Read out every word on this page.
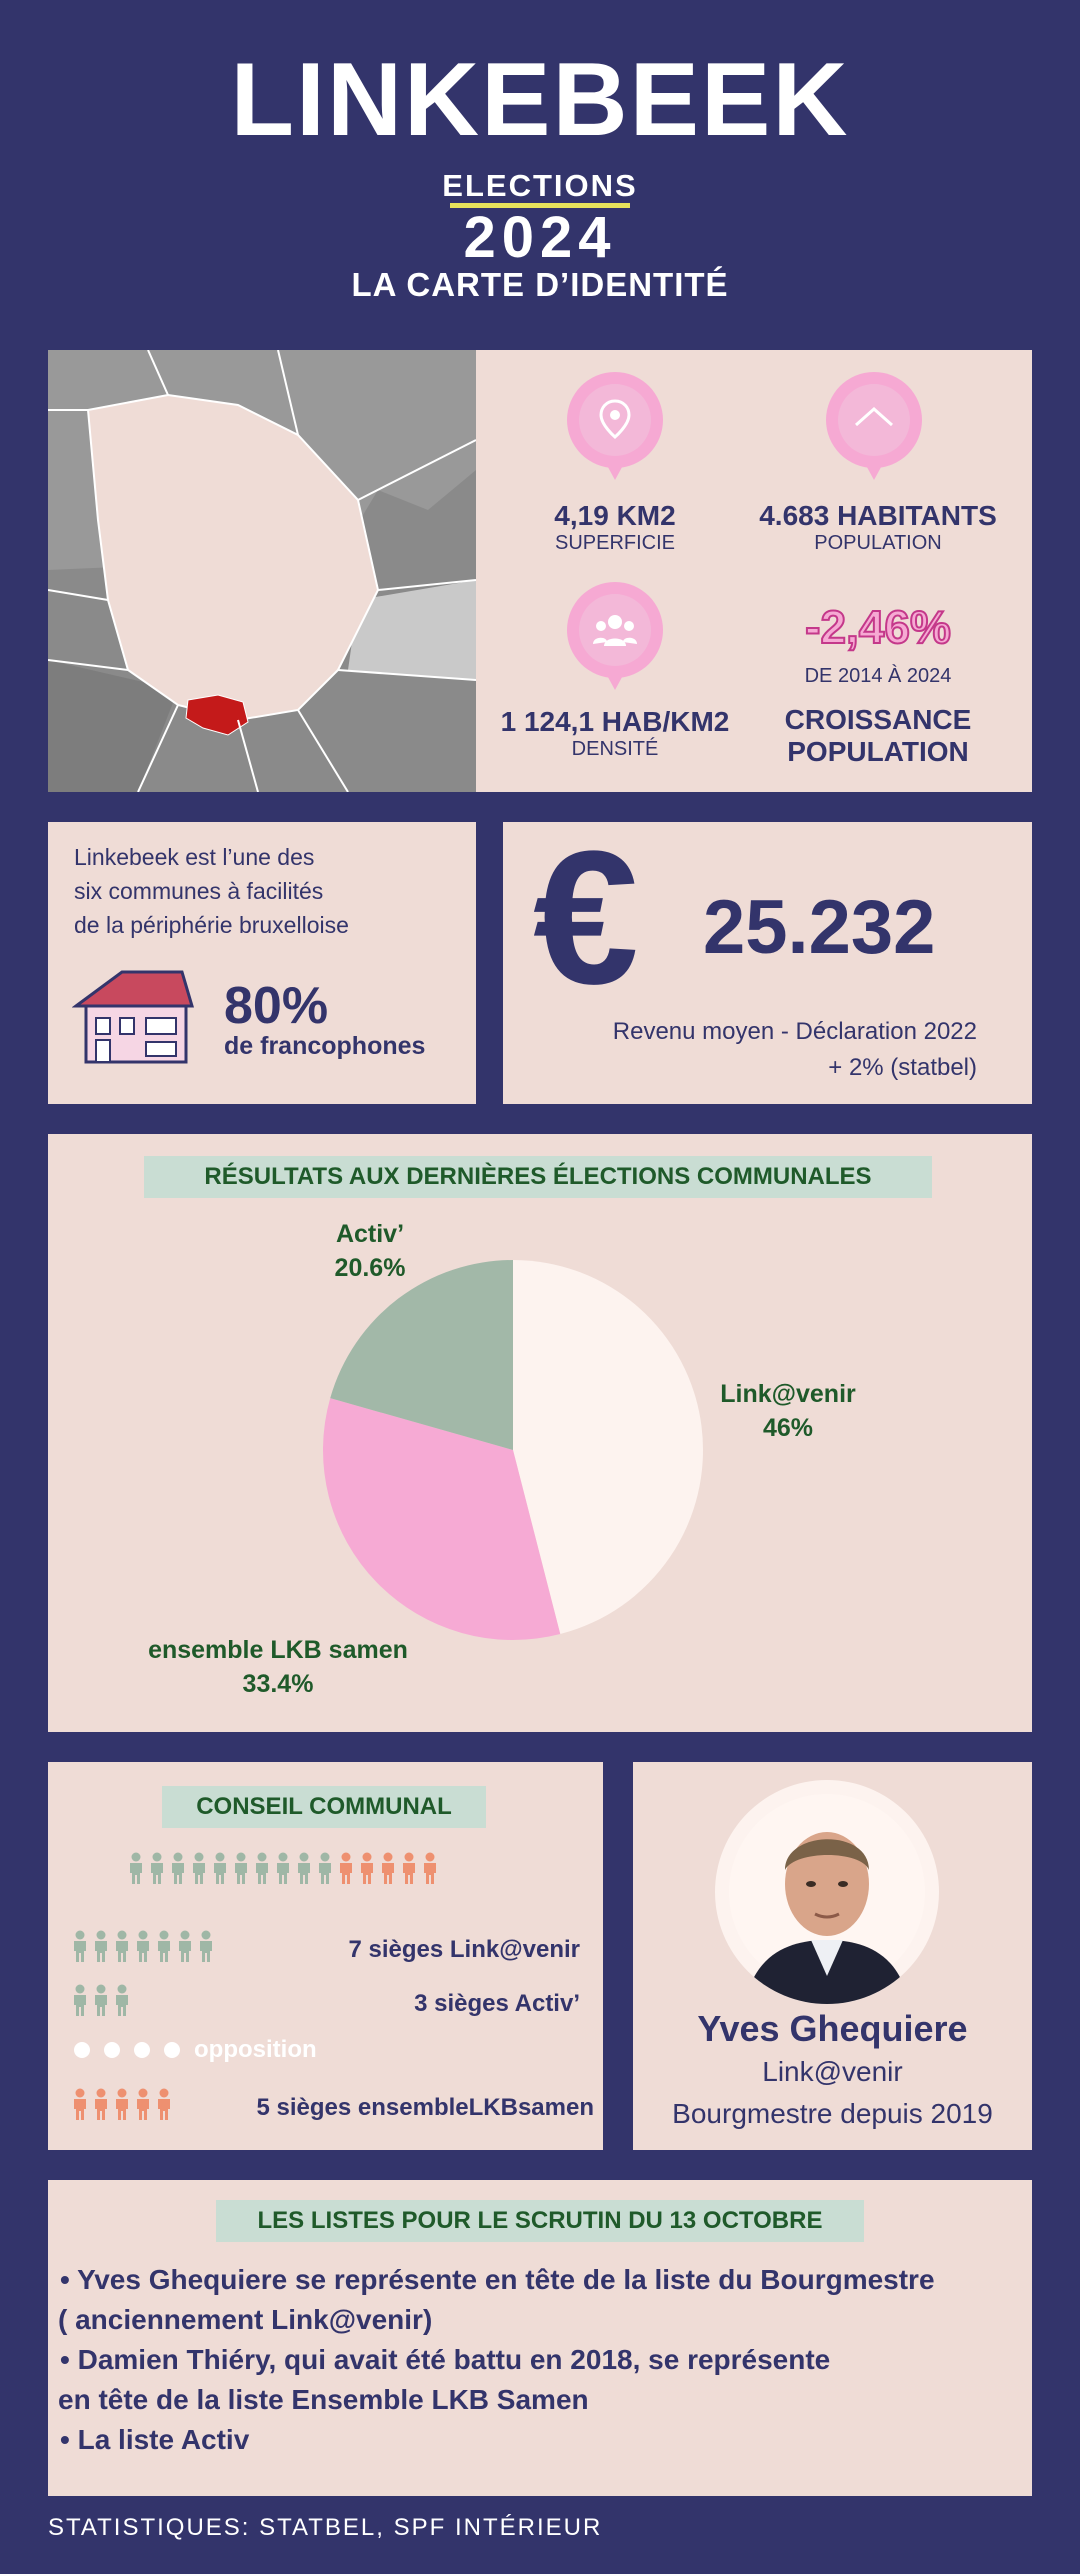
LINKEBEEK
ELECTIONS
2024
LA CARTE D’IDENTITÉ
4,19 KM2
SUPERFICIE
4.683 HABITANTS
POPULATION
1 124,1 HAB/KM2
DENSITÉ
-2,46%
DE 2014 À 2024
CROISSANCE
POPULATION
Linkebeek est l’une des
six communes à facilités
de la périphérie bruxelloise
80%
de francophones
€ 25.232
Revenu moyen - Déclaration 2022
+ 2% (statbel)
RÉSULTATS AUX DERNIÈRES ÉLECTIONS COMMUNALES
Link@venir
46%
ensemble LKB samen
33.4%
Activ’
20.6%
CONSEIL COMMUNAL
7 sièges Link@venir
3 sièges Activ’
opposition
5 sièges ensembleLKBsamen
Yves Ghequiere
Link@venir
Bourgmestre depuis 2019
LES LISTES POUR LE SCRUTIN DU 13 OCTOBRE
• Yves Ghequiere se représente en tête de la liste du Bourgmestre
( anciennement Link@venir)
• Damien Thiéry, qui avait été battu en 2018, se représente
en tête de la liste Ensemble LKB Samen
• La liste Activ
STATISTIQUES: STATBEL, SPF INTÉRIEUR
